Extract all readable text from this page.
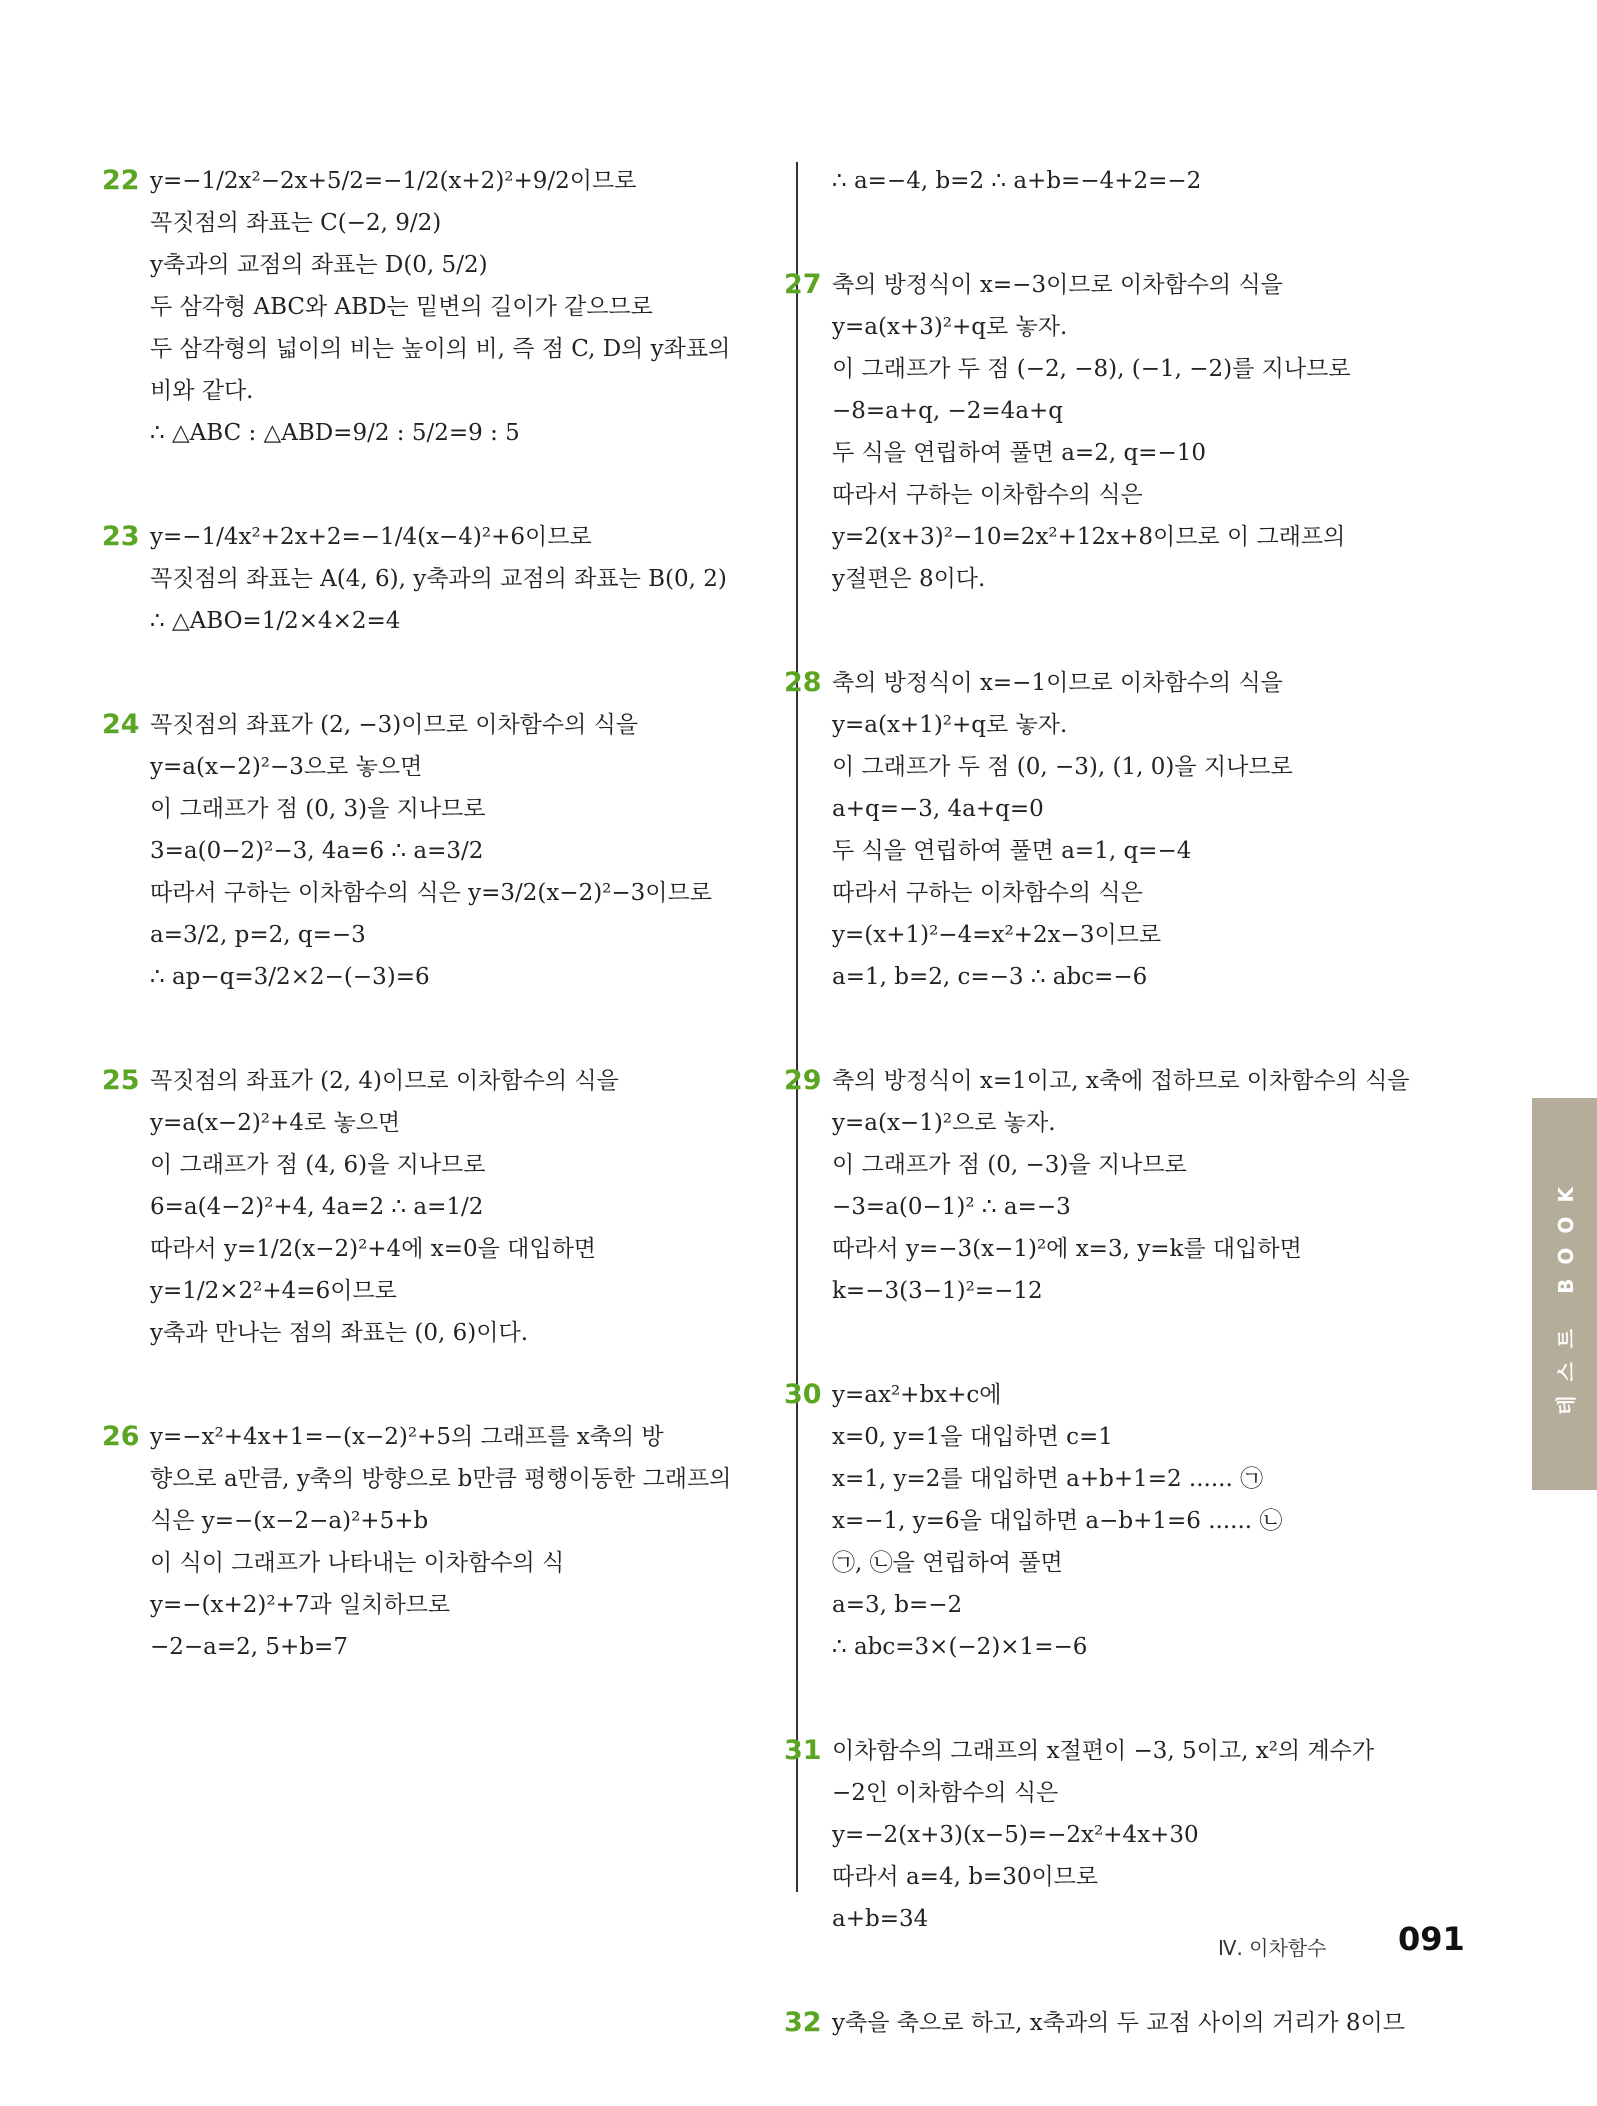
22 y=−1/2x²−2x+5/2=−1/2(x+2)²+9/2이므로
꼭짓점의 좌표는 C(−2, 9/2)
y축과의 교점의 좌표는 D(0, 5/2)
두 삼각형 ABC와 ABD는 밑변의 길이가 같으므로
두 삼각형의 넓이의 비는 높이의 비, 즉 점 C, D의 y좌표의
비와 같다.
∴ △ABC : △ABD=9/2 : 5/2=9 : 5
23 y=−1/4x²+2x+2=−1/4(x−4)²+6이므로
꼭짓점의 좌표는 A(4, 6), y축과의 교점의 좌표는 B(0, 2)
∴ △ABO=1/2×4×2=4
24 꼭짓점의 좌표가 (2, −3)이므로 이차함수의 식을
y=a(x−2)²−3으로 놓으면
이 그래프가 점 (0, 3)을 지나므로
3=a(0−2)²−3, 4a=6 ∴ a=3/2
따라서 구하는 이차함수의 식은 y=3/2(x−2)²−3이므로
a=3/2, p=2, q=−3
∴ ap−q=3/2×2−(−3)=6
25 꼭짓점의 좌표가 (2, 4)이므로 이차함수의 식을
y=a(x−2)²+4로 놓으면
이 그래프가 점 (4, 6)을 지나므로
6=a(4−2)²+4, 4a=2 ∴ a=1/2
따라서 y=1/2(x−2)²+4에 x=0을 대입하면
y=1/2×2²+4=6이므로
y축과 만나는 점의 좌표는 (0, 6)이다.
26 y=−x²+4x+1=−(x−2)²+5의 그래프를 x축의 방
향으로 a만큼, y축의 방향으로 b만큼 평행이동한 그래프의
식은 y=−(x−2−a)²+5+b
이 식이 그래프가 나타내는 이차함수의 식
y=−(x+2)²+7과 일치하므로
−2−a=2, 5+b=7
∴ a=−4, b=2 ∴ a+b=−4+2=−2
27 축의 방정식이 x=−3이므로 이차함수의 식을
y=a(x+3)²+q로 놓자.
이 그래프가 두 점 (−2, −8), (−1, −2)를 지나므로
−8=a+q, −2=4a+q
두 식을 연립하여 풀면 a=2, q=−10
따라서 구하는 이차함수의 식은
y=2(x+3)²−10=2x²+12x+8이므로 이 그래프의
y절편은 8이다.
28 축의 방정식이 x=−1이므로 이차함수의 식을
y=a(x+1)²+q로 놓자.
이 그래프가 두 점 (0, −3), (1, 0)을 지나므로
a+q=−3, 4a+q=0
두 식을 연립하여 풀면 a=1, q=−4
따라서 구하는 이차함수의 식은
y=(x+1)²−4=x²+2x−3이므로
a=1, b=2, c=−3 ∴ abc=−6
29 축의 방정식이 x=1이고, x축에 접하므로 이차함수의 식을
y=a(x−1)²으로 놓자.
이 그래프가 점 (0, −3)을 지나므로
−3=a(0−1)² ∴ a=−3
따라서 y=−3(x−1)²에 x=3, y=k를 대입하면
k=−3(3−1)²=−12
30 y=ax²+bx+c에
x=0, y=1을 대입하면 c=1
x=1, y=2를 대입하면 a+b+1=2 ...... ㉠
x=−1, y=6을 대입하면 a−b+1=6 ...... ㉡
㉠, ㉡을 연립하여 풀면
a=3, b=−2
∴ abc=3×(−2)×1=−6
31 이차함수의 그래프의 x절편이 −3, 5이고, x²의 계수가
−2인 이차함수의 식은
y=−2(x+3)(x−5)=−2x²+4x+30
따라서 a=4, b=30이므로
a+b=34
32 y축을 축으로 하고, x축과의 두 교점 사이의 거리가 8이므
테스트 BOOK
Ⅳ. 이차함수 091
